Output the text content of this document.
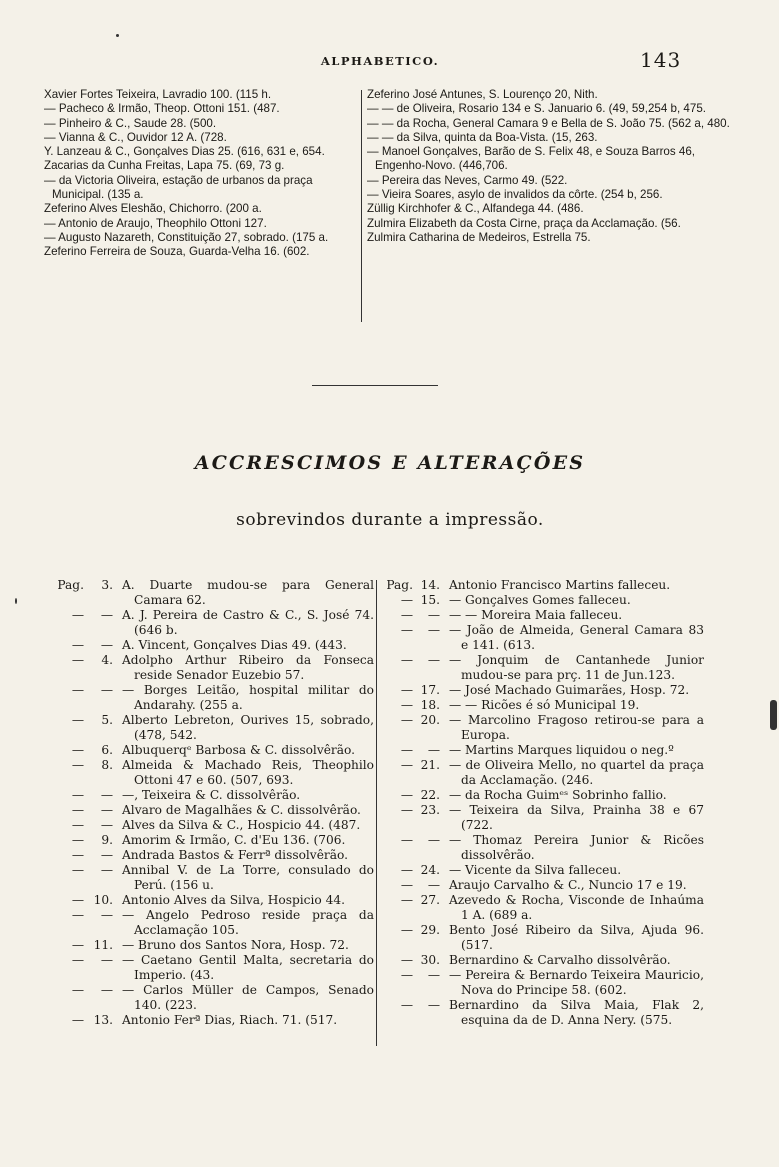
ALPHABETICO.	143
Xavier Fortes Teixeira, Lavradio 100. (115 h.
— Pacheco & Irmão, Theop. Ottoni 151. (487.
— Pinheiro & C., Saude 28. (500.
— Vianna & C., Ouvidor 12 A. (728.
Y. Lanzeau & C., Gonçalves Dias 25. (616, 631 e, 654.
Zacarias da Cunha Freitas, Lapa 75. (69, 73 g.
— da Victoria Oliveira, estação de urbanos da praça Municipal. (135 a.
Zeferino Alves Eleshão, Chichorro. (200 a.
— Antonio de Araujo, Theophilo Ottoni 127.
— Augusto Nazareth, Constituição 27, sobrado. (175 a.
Zeferino Ferreira de Souza, Guarda-Velha 16. (602.
Zeferino José Antunes, S. Lourenço 20, Nith.
— — de Oliveira, Rosario 134 e S. Januario 6. (49, 59,254 b, 475.
— — da Rocha, General Camara 9 e Bella de S. João 75. (562 a, 480.
— — da Silva, quinta da Boa-Vista. (15, 263.
— Manoel Gonçalves, Barão de S. Felix 48, e Souza Barros 46, Engenho-Novo. (446,706.
— Pereira das Neves, Carmo 49. (522.
— Vieira Soares, asylo de invalidos da côrte. (254 b, 256.
Züllig Kirchhofer & C., Alfandega 44. (486.
Zulmira Elizabeth da Costa Cirne, praça da Acclamação. (56.
Zulmira Catharina de Medeiros, Estrella 75.
ACCRESCIMOS E ALTERAÇÕES
sobrevindos durante a impressão.
Pag.	3. A. Duarte mudou-se para General Camara 62.
—	— A. J. Pereira de Castro & C., S. José 74. (646 b.
—	— A. Vincent, Gonçalves Dias 49. (443.
—	4. Adolpho Arthur Ribeiro da Fonseca reside Senador Euzebio 57.
—	— — Borges Leitão, hospital militar do Andarahy. (255 a.
—	5. Alberto Lebreton, Ourives 15, sobrado, (478, 542.
—	6. Albuquerqᵉ Barbosa & C. dissolvêrão.
—	8. Almeida & Machado Reis, Theophilo Ottoni 47 e 60. (507, 693.
—	— —, Teixeira & C. dissolvêrão.
—	— Alvaro de Magalhães & C. dissolvêrão.
—	— Alves da Silva & C., Hospicio 44. (487.
—	9. Amorim & Irmão, C. d'Eu 136. (706.
—	— Andrada Bastos & Ferrª dissolvêrão.
—	— Annibal V. de La Torre, consulado do Perú. (156 u.
— 10. Antonio Alves da Silva, Hospicio 44.
—	— — Angelo Pedroso reside praça da Acclamação 105.
— 11. — Bruno dos Santos Nora, Hosp. 72.
—	— — Caetano Gentil Malta, secretaria do Imperio. (43.
—	— — Carlos Müller de Campos, Senado 140. (223.
— 13. Antonio Ferª Dias, Riach. 71. (517.
Pag. 14. Antonio Francisco Martins falleceu.
— 15. — Gonçalves Gomes falleceu.
—	— — — Moreira Maia falleceu.
—	— — João de Almeida, General Camara 83 e 141. (613.
—	— — Jonquim de Cantanhede Junior mudou-se para prç. 11 de Jun.123.
— 17. — José Machado Guimarães, Hosp. 72.
— 18. — — Ricões é só Municipal 19.
— 20. — Marcolino Fragoso retirou-se para a Europa.
—	— — Martins Marques liquidou o neg.º
— 21. — de Oliveira Mello, no quartel da praça da Acclamação. (246.
— 22. — da Rocha Guimᵉˢ Sobrinho fallio.
— 23. — Teixeira da Silva, Prainha 38 e 67 (722.
—	— — Thomaz Pereira Junior & Ricões dissolvêrão.
— 24. — Vicente da Silva falleceu.
—	— Araujo Carvalho & C., Nuncio 17 e 19.
— 27. Azevedo & Rocha, Visconde de Inhaúma 1 A. (689 a.
— 29. Bento José Ribeiro da Silva, Ajuda 96. (517.
— 30. Bernardino & Carvalho dissolvêrão.
—	— — Pereira & Bernardo Teixeira Mauricio, Nova do Principe 58. (602.
—	— Bernardino da Silva Maia, Flak 2, esquina da de D. Anna Nery. (575.
